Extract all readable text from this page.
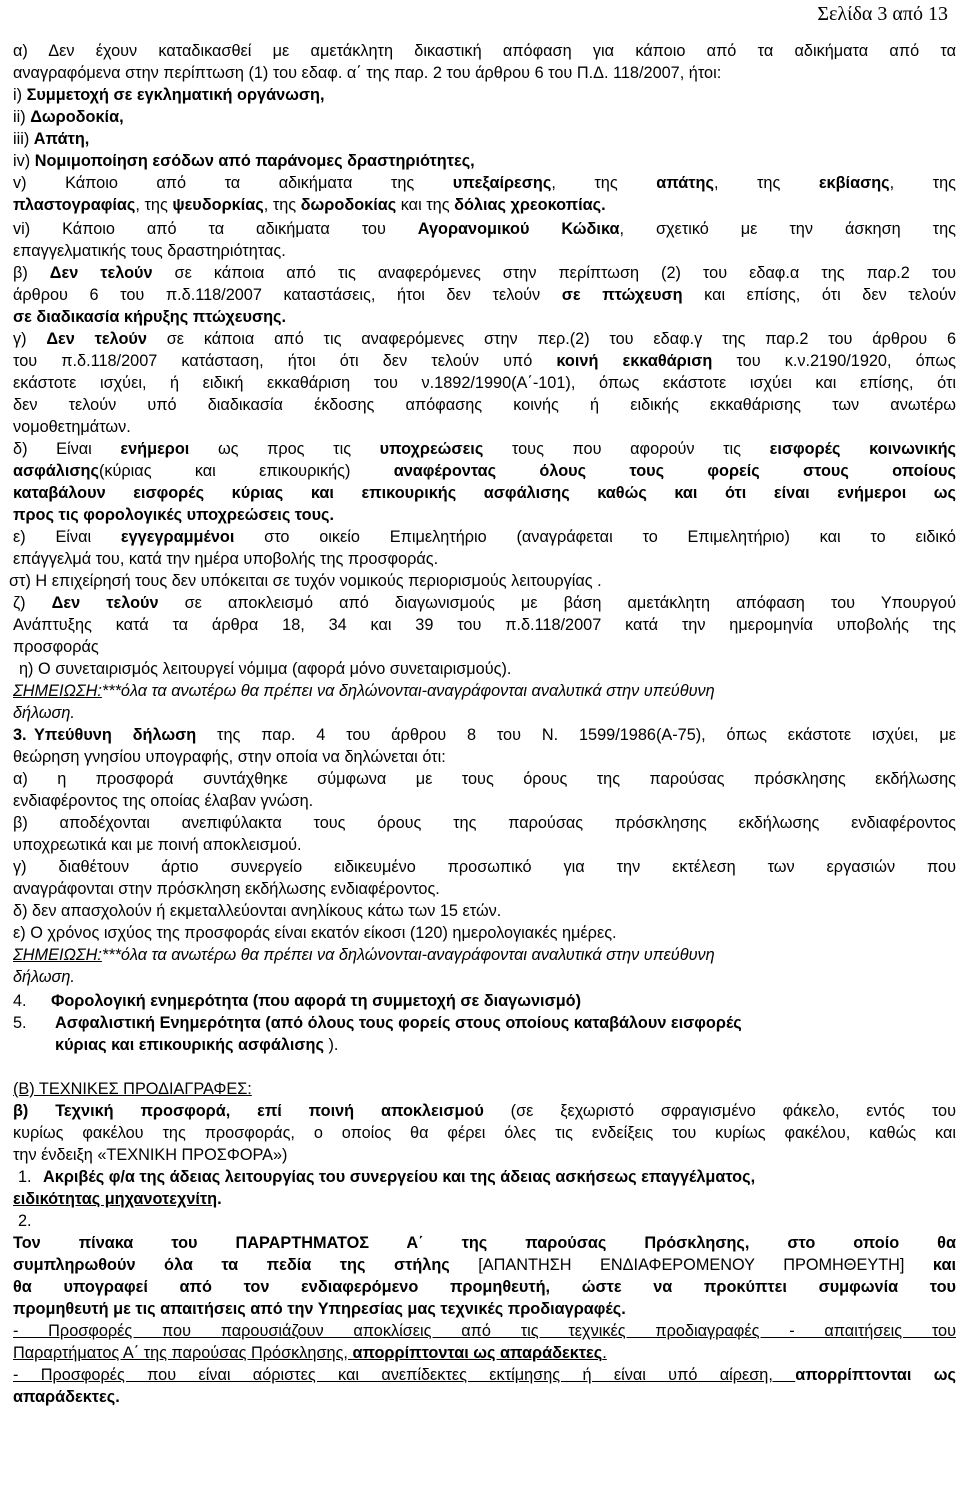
Σελίδα 3 από 13
α) Δεν έχουν καταδικασθεί με αμετάκλητη δικαστική απόφαση για κάποιο από τα αδικήματα από τα
αναγραφόμενα στην περίπτωση (1) του εδαφ. α΄ της παρ. 2 του άρθρου 6 του Π.Δ. 118/2007, ήτοι:
i) Συμμετοχή σε εγκληματική οργάνωση,
ii) Δωροδοκία,
iii) Απάτη,
iv) Νομιμοποίηση εσόδων από παράνομες δραστηριότητες,
v) Κάποιο από τα αδικήματα της υπεξαίρεσης, της απάτης, της εκβίασης, της
πλαστογραφίας, της ψευδορκίας, της δωροδοκίας και της δόλιας χρεοκοπίας.
vi) Κάποιο από τα αδικήματα του Αγορανομικού Κώδικα, σχετικό με την άσκηση της
επαγγελματικής τους δραστηριότητας.
β) Δεν τελούν σε κάποια από τις αναφερόμενες στην περίπτωση (2) του εδαφ.α της παρ.2 του
άρθρου 6 του π.δ.118/2007 καταστάσεις, ήτοι δεν τελούν σε πτώχευση και επίσης, ότι δεν τελούν
σε διαδικασία κήρυξης πτώχευσης.
γ) Δεν τελούν σε κάποια από τις αναφερόμενες στην περ.(2) του εδαφ.γ της παρ.2 του άρθρου 6
του π.δ.118/2007 κατάσταση, ήτοι ότι δεν τελούν υπό κοινή εκκαθάριση του κ.ν.2190/1920, όπως
εκάστοτε ισχύει, ή ειδική εκκαθάριση του ν.1892/1990(Α΄-101), όπως εκάστοτε ισχύει και επίσης, ότι
δεν τελούν υπό διαδικασία έκδοσης απόφασης κοινής ή ειδικής εκκαθάρισης των ανωτέρω
νομοθετημάτων.
δ) Είναι ενήμεροι ως προς τις υποχρεώσεις τους που αφορούν τις εισφορές κοινωνικής
ασφάλισης(κύριας και επικουρικής) αναφέροντας όλους τους φορείς στους οποίους
καταβάλουν εισφορές κύριας και επικουρικής ασφάλισης καθώς και ότι είναι ενήμεροι ως
προς τις φορολογικές υποχρεώσεις τους.
ε) Είναι εγγεγραμμένοι στο οικείο Επιμελητήριο (αναγράφεται το Επιμελητήριο) και το ειδικό
επάγγελμά του, κατά την ημέρα υποβολής της προσφοράς.
στ) Η επιχείρησή τους δεν υπόκειται σε τυχόν νομικούς περιορισμούς λειτουργίας .
ζ) Δεν τελούν σε αποκλεισμό από διαγωνισμούς με βάση αμετάκλητη απόφαση του Υπουργού
Ανάπτυξης κατά τα άρθρα 18, 34 και 39 του π.δ.118/2007 κατά την ημερομηνία υποβολής της
προσφοράς
η) Ο συνεταιρισμός λειτουργεί νόμιμα (αφορά μόνο συνεταιρισμούς).
ΣΗΜΕΙΩΣΗ:***όλα τα ανωτέρω θα πρέπει να δηλώνονται-αναγράφονται αναλυτικά στην υπεύθυνη
δήλωση.
3. Υπεύθυνη δήλωση της παρ. 4 του άρθρου 8 του Ν. 1599/1986(Α-75), όπως εκάστοτε ισχύει, με
θεώρηση γνησίου υπογραφής, στην οποία να δηλώνεται ότι:
α) η προσφορά συντάχθηκε σύμφωνα με τους όρους της παρούσας πρόσκλησης εκδήλωσης
ενδιαφέροντος της οποίας έλαβαν γνώση.
β) αποδέχονται ανεπιφύλακτα τους όρους της παρούσας πρόσκλησης εκδήλωσης ενδιαφέροντος
υποχρεωτικά και με ποινή αποκλεισμού.
γ) διαθέτουν άρτιο συνεργείο ειδικευμένο προσωπικό για την εκτέλεση των εργασιών που
αναγράφονται στην πρόσκληση εκδήλωσης ενδιαφέροντος.
δ) δεν απασχολούν ή εκμεταλλεύονται ανηλίκους κάτω των 15 ετών.
ε) Ο χρόνος ισχύος της προσφοράς είναι εκατόν είκοσι (120) ημερολογιακές ημέρες.
ΣΗΜΕΙΩΣΗ:***όλα τα ανωτέρω θα πρέπει να δηλώνονται-αναγράφονται αναλυτικά στην υπεύθυνη
δήλωση.
4. Φορολογική ενημερότητα (που αφορά τη συμμετοχή σε διαγωνισμό)
5. Ασφαλιστική Ενημερότητα (από όλους τους φορείς στους οποίους καταβάλουν εισφορές
κύριας και επικουρικής ασφάλισης ).
(Β) ΤΕΧΝΙΚΕΣ ΠΡΟΔΙΑΓΡΑΦΕΣ:
β) Τεχνική προσφορά, επί ποινή αποκλεισμού (σε ξεχωριστό σφραγισμένο φάκελο, εντός του
κυρίως φακέλου της προσφοράς, ο οποίος θα φέρει όλες τις ενδείξεις του κυρίως φακέλου, καθώς και
την ένδειξη «ΤΕΧΝΙΚΗ ΠΡΟΣΦΟΡΑ»)
1. Ακριβές φ/α της άδειας λειτουργίας του συνεργείου και της άδειας ασκήσεως επαγγέλματος,
ειδικότητας μηχανοτεχνίτη.
2.
Τον πίνακα του ΠΑΡΑΡΤΗΜΑΤΟΣ Α΄ της παρούσας Πρόσκλησης, στο οποίο θα
συμπληρωθούν όλα τα πεδία της στήλης [ΑΠΑΝΤΗΣΗ ΕΝΔΙΑΦΕΡΟΜΕΝΟΥ ΠΡΟΜΗΘΕΥΤΗ] και
θα υπογραφεί από τον ενδιαφερόμενο προμηθευτή, ώστε να προκύπτει συμφωνία του
προμηθευτή με τις απαιτήσεις από την Υπηρεσίας μας τεχνικές προδιαγραφές.
- Προσφορές που παρουσιάζουν αποκλίσεις από τις τεχνικές προδιαγραφές - απαιτήσεις του
Παραρτήματος Α΄ της παρούσας Πρόσκλησης, απορρίπτονται ως απαράδεκτες.
- Προσφορές που είναι αόριστες και ανεπίδεκτες εκτίμησης ή είναι υπό αίρεση, απορρίπτονται ως
απαράδεκτες.
